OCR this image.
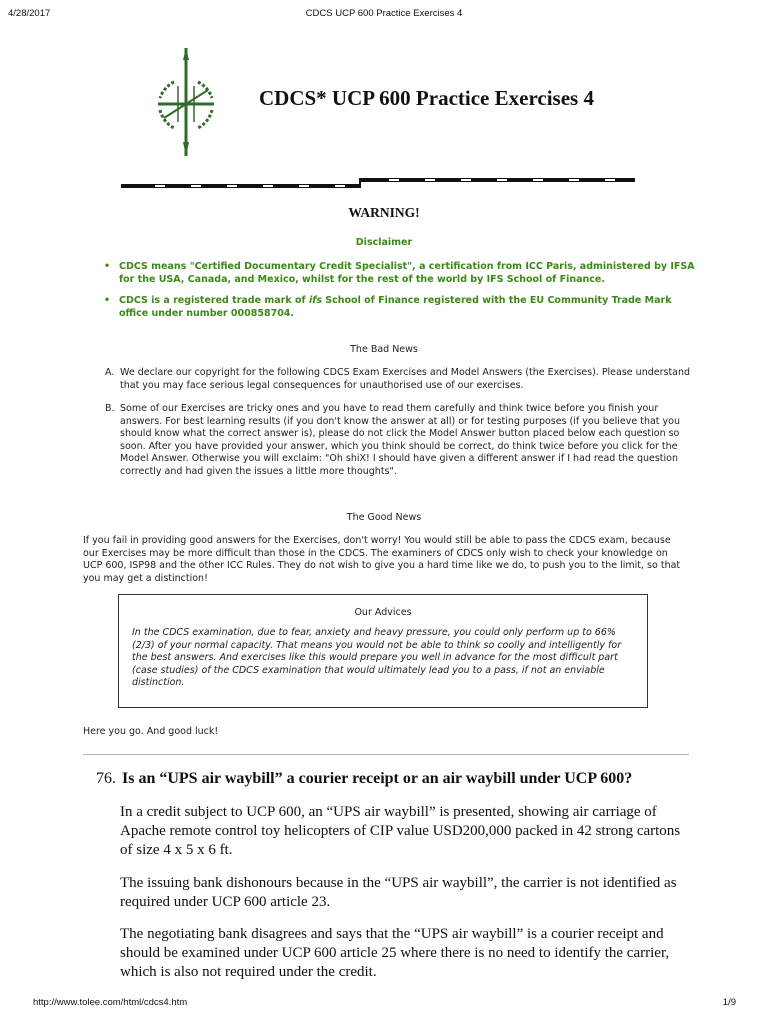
4/28/2017	CDCS UCP 600 Practice Exercises 4
CDCS* UCP 600 Practice Exercises 4
WARNING!
Disclaimer
• CDCS means "Certified Documentary Credit Specialist", a certification from ICC Paris, administered by IFSA for the USA, Canada, and Mexico, whilst for the rest of the world by IFS School of Finance.
• CDCS is a registered trade mark of ifs School of Finance registered with the EU Community Trade Mark office under number 000858704.
The Bad News
A. We declare our copyright for the following CDCS Exam Exercises and Model Answers (the Exercises). Please understand that you may face serious legal consequences for unauthorised use of our exercises.
B. Some of our Exercises are tricky ones and you have to read them carefully and think twice before you finish your answers. For best learning results (if you don't know the answer at all) or for testing purposes (if you believe that you should know what the correct answer is), please do not click the Model Answer button placed below each question so soon. After you have provided your answer, which you think should be correct, do think twice before you click for the Model Answer. Otherwise you will exclaim: "Oh shiX! I should have given a different answer if I had read the question correctly and had given the issues a little more thoughts".
The Good News
If you fail in providing good answers for the Exercises, don't worry! You would still be able to pass the CDCS exam, because our Exercises may be more difficult than those in the CDCS. The examiners of CDCS only wish to check your knowledge on UCP 600, ISP98 and the other ICC Rules. They do not wish to give you a hard time like we do, to push you to the limit, so that you may get a distinction!
Our Advices
In the CDCS examination, due to fear, anxiety and heavy pressure, you could only perform up to 66% (2/3) of your normal capacity. That means you would not be able to think so coolly and intelligently for the best answers. And exercises like this would prepare you well in advance for the most difficult part (case studies) of the CDCS examination that would ultimately lead you to a pass, if not an enviable distinction.
Here you go. And good luck!
76. Is an “UPS air waybill” a courier receipt or an air waybill under UCP 600?
In a credit subject to UCP 600, an “UPS air waybill” is presented, showing air carriage of Apache remote control toy helicopters of CIP value USD200,000 packed in 42 strong cartons of size 4 x 5 x 6 ft.
The issuing bank dishonours because in the “UPS air waybill”, the carrier is not identified as required under UCP 600 article 23.
The negotiating bank disagrees and says that the “UPS air waybill” is a courier receipt and should be examined under UCP 600 article 25 where there is no need to identify the carrier, which is also not required under the credit.
http://www.tolee.com/html/cdcs4.htm	1/9
